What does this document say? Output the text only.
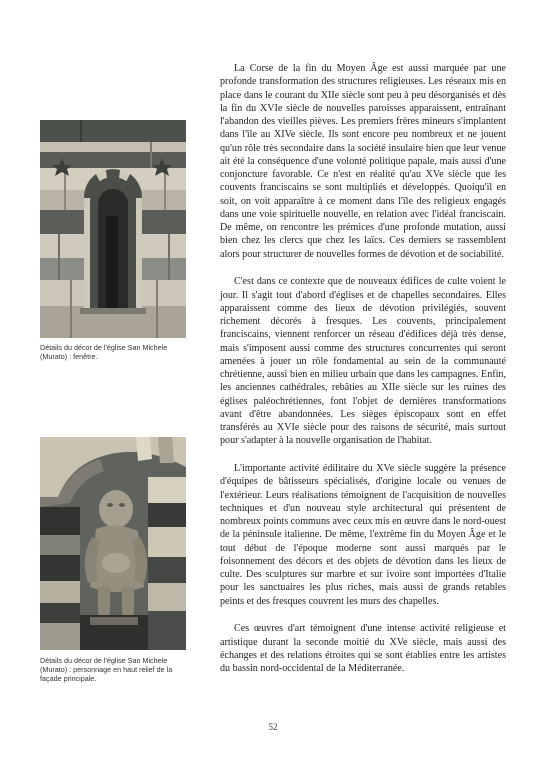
Détails du décor de l'église San Michele (Murato) : fenêtre.
Détails du décor de l'église San Michele (Murato) : personnage en haut relief de la façade principale.

La Corse de la fin du Moyen Âge est aussi marquée par une profonde transformation des structures religieuses. Les réseaux mis en place dans le courant du XIIe siècle sont peu à peu désorganisés et dès la fin du XVIe siècle de nouvelles paroisses apparaissent, entraînant l'abandon des vieilles pièves. Les premiers frères mineurs s'implantent dans l'île au XIVe siècle. Ils sont encore peu nombreux et ne jouent qu'un rôle très secondaire dans la société insulaire bien que leur venue ait été la conséquence d'une volonté politique papale, mais aussi d'une conjoncture favorable. Ce n'est en réalité qu'au XVe siècle que les couvents franciscains se sont multipliés et développés. Quoiqu'il en soit, on voit apparaître à ce moment dans l'île des religieux engagés dans une voie spirituelle nouvelle, en relation avec l'idéal franciscain. De même, on rencontre les prémices d'une profonde mutation, aussi bien chez les clercs que chez les laïcs. Ces derniers se rassemblent alors pour structurer de nouvelles formes de dévotion et de sociabilité.

C'est dans ce contexte que de nouveaux édifices de culte voient le jour. Il s'agit tout d'abord d'églises et de chapelles secondaires. Elles apparaissent comme des lieux de dévotion privilégiés, souvent richement décorés à fresques. Les couvents, principalement franciscains, viennent renforcer un réseau d'édifices déjà très dense, mais s'imposent aussi comme des structures concurrentes qui seront amenées à jouer un rôle fondamental au sein de la communauté chrétienne, aussi bien en milieu urbain que dans les campagnes. Enfin, les anciennes cathédrales, rebâties au XIIe siècle sur les ruines des églises paléochrétiennes, font l'objet de dernières transformations avant d'être abandonnées. Les sièges épiscopaux sont en effet transférés au XVIe siècle pour des raisons de sécurité, mais surtout pour s'adapter à la nouvelle organisation de l'habitat.

L'importante activité édilitaire du XVe siècle suggère la présence d'équipes de bâtisseurs spécialisés, d'origine locale ou venues de l'extérieur. Leurs réalisations témoignent de l'acquisition de nouvelles techniques et d'un nouveau style architectural qui présentent de nombreux points communs avec ceux mis en œuvre dans le nord-ouest de la péninsule italienne. De même, l'extrême fin du Moyen Âge et le tout début de l'époque moderne sont aussi marqués par le foisonnement des décors et des objets de dévotion dans les lieux de culte. Des sculptures sur marbre et sur ivoire sont importées d'Italie pour les sanctuaires les plus riches, mais aussi de grands retables peints et des fresques couvrent les murs des chapelles.

Ces œuvres d'art témoignent d'une intense activité religieuse et artistique durant la seconde moitié du XVe siècle, mais aussi des échanges et des relations étroites qui se sont établies entre les artistes du bassin nord-occidental de la Méditerranée.

52
